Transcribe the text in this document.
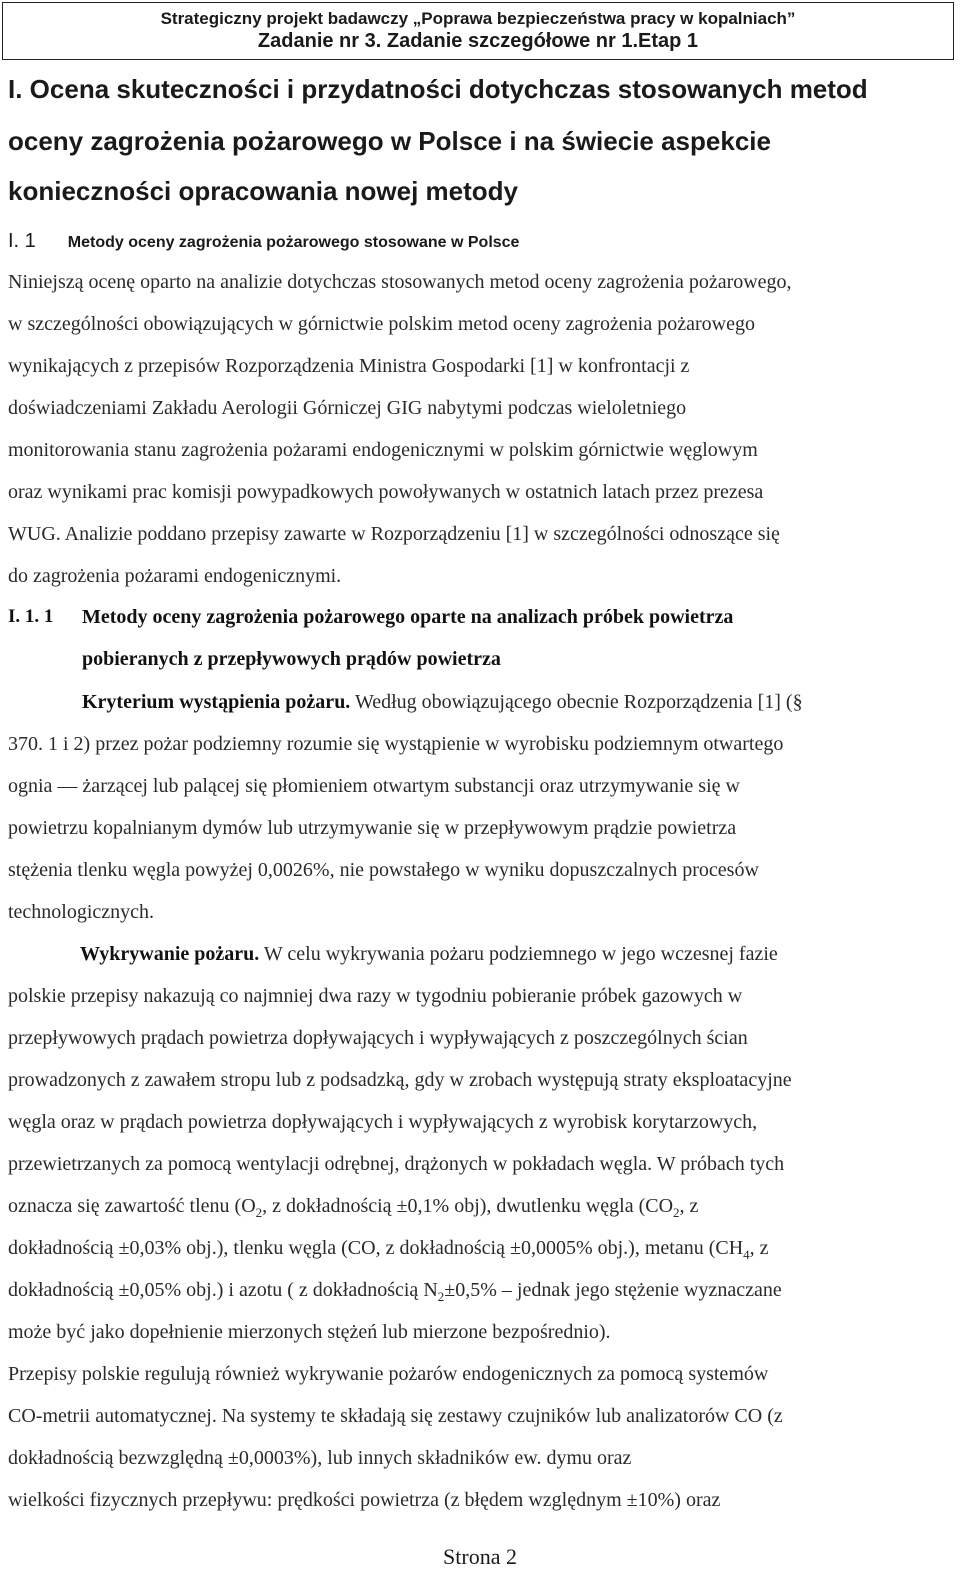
Strategiczny projekt badawczy „Poprawa bezpieczeństwa pracy w kopalniach”
Zadanie nr 3. Zadanie szczegółowe nr 1.Etap 1
I. Ocena skuteczności i przydatności dotychczas stosowanych metod
oceny zagrożenia pożarowego w Polsce i na świecie aspekcie
konieczności opracowania nowej metody
I. 1 Metody oceny zagrożenia pożarowego stosowane w Polsce
Niniejszą ocenę oparto na analizie dotychczas stosowanych metod oceny zagrożenia pożarowego,
w szczególności obowiązujących w górnictwie polskim metod oceny zagrożenia pożarowego
wynikających z przepisów Rozporządzenia Ministra Gospodarki [1] w konfrontacji z
doświadczeniami Zakładu Aerologii Górniczej GIG nabytymi podczas wieloletniego
monitorowania stanu zagrożenia pożarami endogenicznymi w polskim górnictwie węglowym
oraz wynikami prac komisji powypadkowych powoływanych w ostatnich latach przez prezesa
WUG. Analizie poddano przepisy zawarte w Rozporządzeniu [1] w szczególności odnoszące się
do zagrożenia pożarami endogenicznymi.
I. 1. 1 Metody oceny zagrożenia pożarowego oparte na analizach próbek powietrza
pobieranych z przepływowych prądów powietrza
Kryterium wystąpienia pożaru. Według obowiązującego obecnie Rozporządzenia [1] (§
370. 1 i 2) przez pożar podziemny rozumie się wystąpienie w wyrobisku podziemnym otwartego
ognia — żarzącej lub palącej się płomieniem otwartym substancji oraz utrzymywanie się w
powietrzu kopalnianym dymów lub utrzymywanie się w przepływowym prądzie powietrza
stężenia tlenku węgla powyżej 0,0026%, nie powstałego w wyniku dopuszczalnych procesów
technologicznych.
Wykrywanie pożaru. W celu wykrywania pożaru podziemnego w jego wczesnej fazie
polskie przepisy nakazują co najmniej dwa razy w tygodniu pobieranie próbek gazowych w
przepływowych prądach powietrza dopływających i wypływających z poszczególnych ścian
prowadzonych z zawałem stropu lub z podsadzką, gdy w zrobach występują straty eksploatacyjne
węgla oraz w prądach powietrza dopływających i wypływających z wyrobisk korytarzowych,
przewietrzanych za pomocą wentylacji odrębnej, drążonych w pokładach węgla. W próbach tych
oznacza się zawartość tlenu ($O_2$, z dokładnością ±0,1% obj), dwutlenku węgla ($CO_2$, z
dokładnością ±0,03% obj.), tlenku węgla (CO, z dokładnością ±0,0005% obj.), metanu ($CH_4$, z
dokładnością ±0,05% obj.) i azotu ( z dokładnością $N_2\pm 0,5\%$ – jednak jego stężenie wyznaczane
może być jako dopełnienie mierzonych stężeń lub mierzone bezpośrednio).
Przepisy polskie regulują również wykrywanie pożarów endogenicznych za pomocą systemów
CO-metrii automatycznej. Na systemy te składają się zestawy czujników lub analizatorów CO (z
dokładnością bezwzględną ±0,0003%), lub innych składników ew. dymu oraz
wielkości fizycznych przepływu: prędkości powietrza (z błędem względnym ±10%) oraz
Strona 2
